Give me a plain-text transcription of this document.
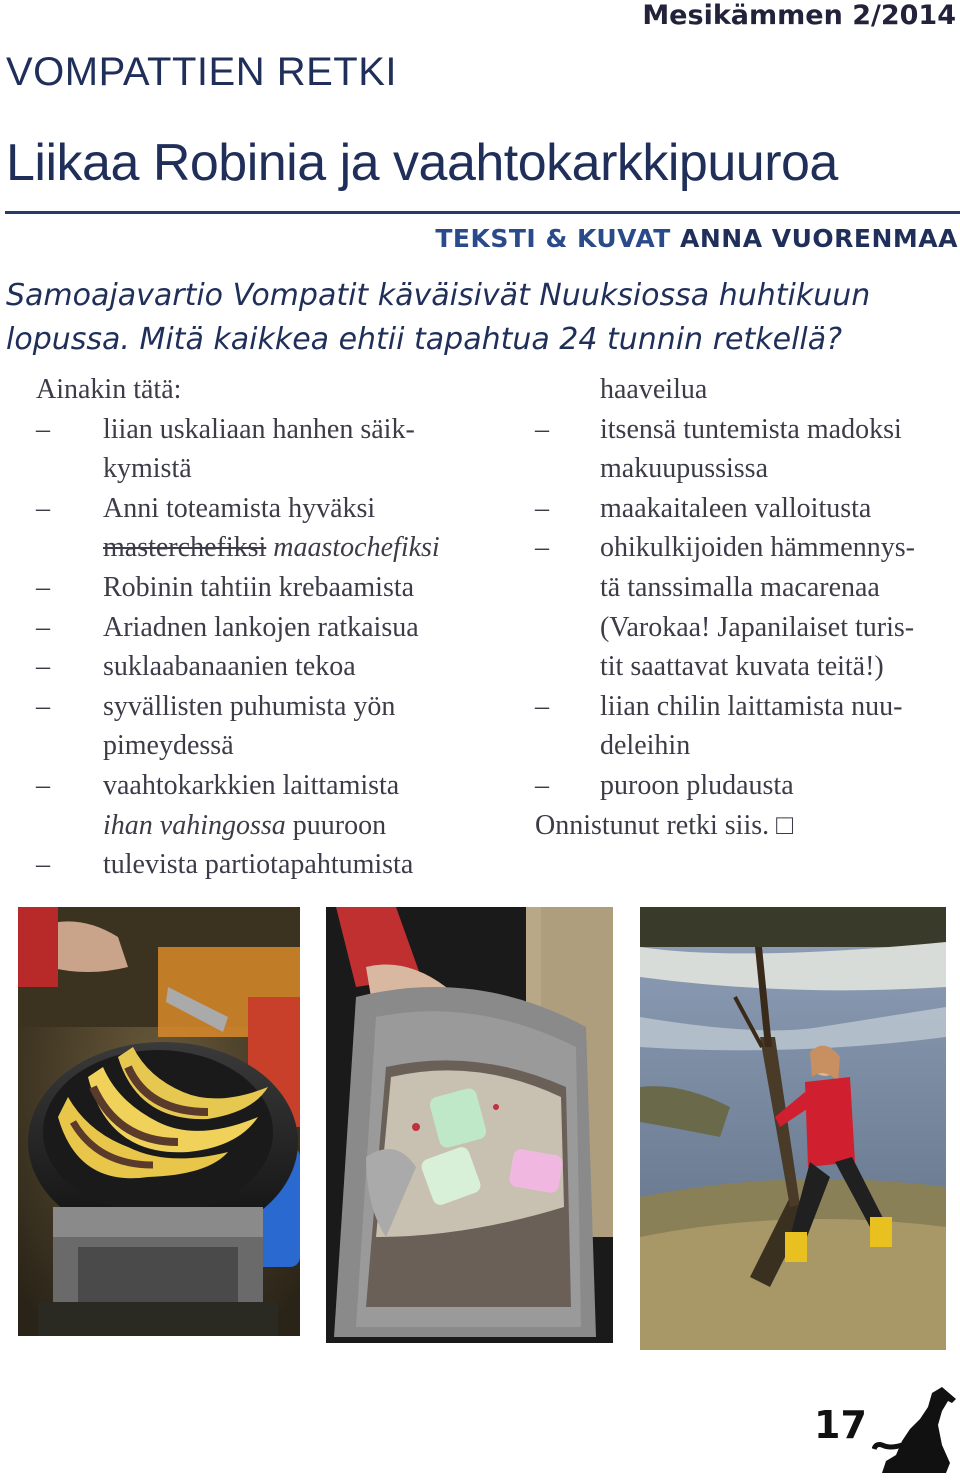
Mesikämmen 2/2014
VOMPATTIEN RETKI
Liikaa Robinia ja vaahtokarkkipuuroa
TEKSTI & KUVAT ANNA VUORENMAA
Samoajavartio Vompatit käväisivät Nuuksiossa huhtikuun
lopussa. Mitä kaikkea ehtii tapahtua 24 tunnin retkellä?
Ainakin tätä:
– liian uskaliaan hanhen säik-
kymistä
– Anni toteamista hyväksi
masterchefiksi maastochefiksi
– Robinin tahtiin krebaamista
– Ariadnen lankojen ratkaisua
– suklaabanaanien tekoa
– syvällisten puhumista yön
pimeydessä
– vaahtokarkkien laittamista
ihan vahingossa puuroon
– tulevista partiotapahtumista
haaveilua
– itsensä tuntemista madoksi
makuupussissa
– maakaitaleen valloitusta
– ohikulkijoiden hämmennys-
tä tanssimalla macarenaa
(Varokaa! Japanilaiset turis-
tit saattavat kuvata teitä!)
– liian chilin laittamista nuu-
deleihin
– puroon pludausta
Onnistunut retki siis. □
17
